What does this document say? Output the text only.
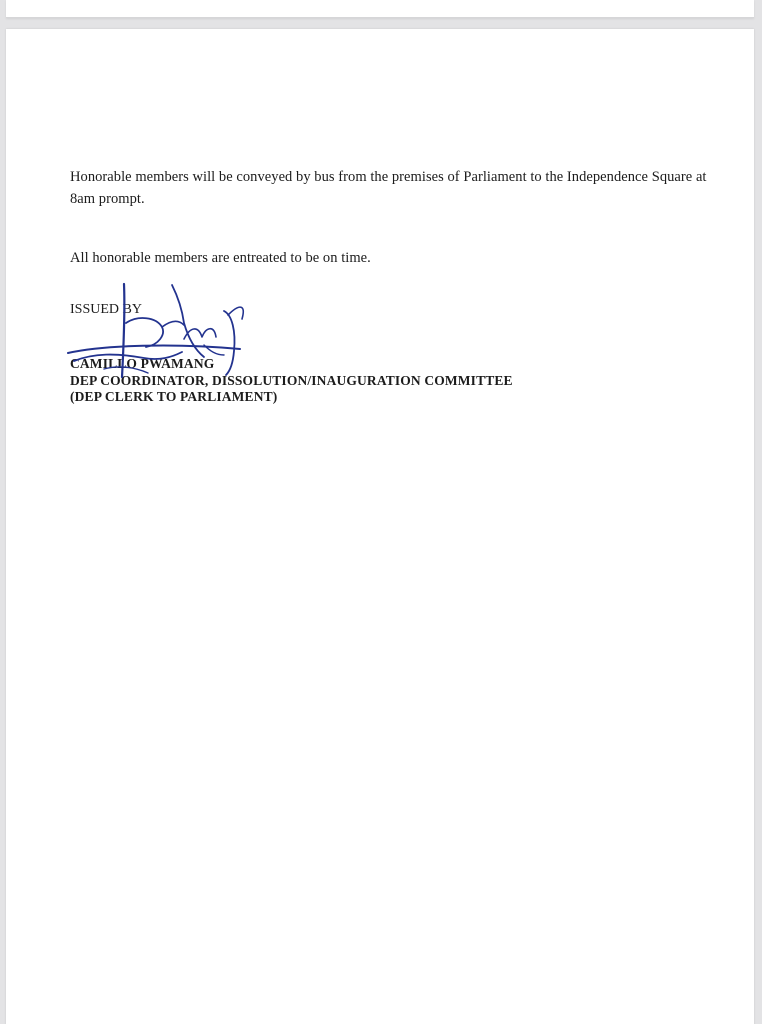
Honorable members will be conveyed by bus from the premises of Parliament to the Independence Square at 8am prompt.

All honorable members are entreated to be on time.

ISSUED BY
CAMILLO PWAMANG
DEP COORDINATOR, DISSOLUTION/INAUGURATION COMMITTEE
(DEP CLERK TO PARLIAMENT)
